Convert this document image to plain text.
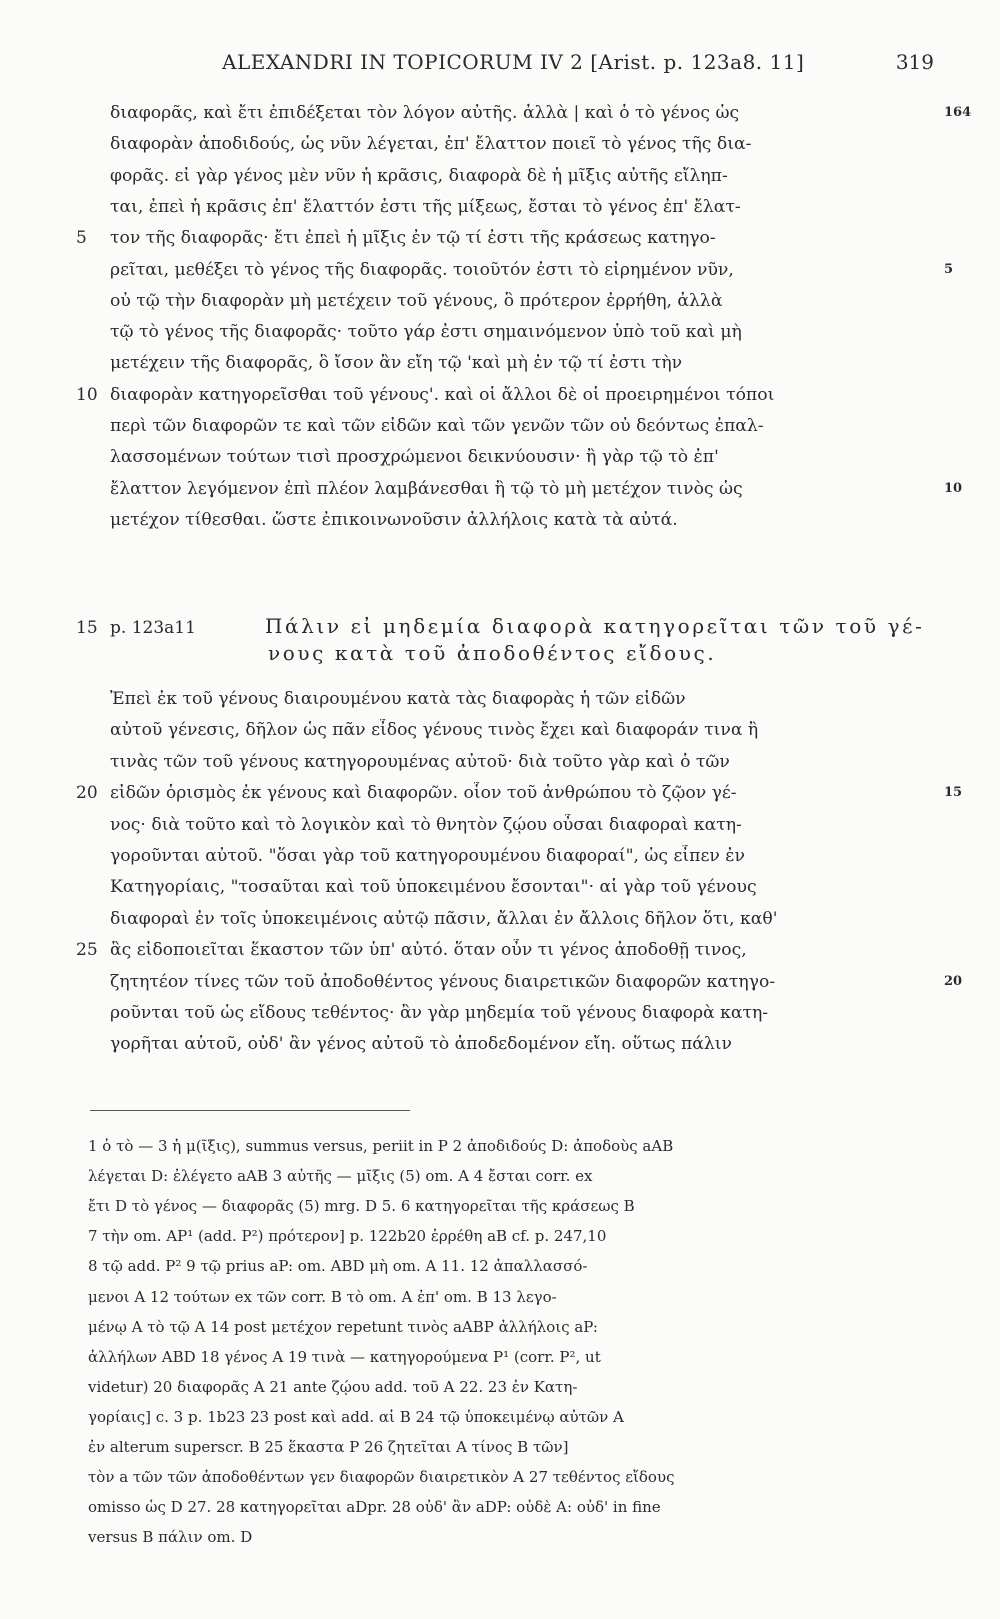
ALEXANDRI IN TOPICORUM IV 2 [Arist. p. 123a8. 11]	319
διαφορᾶς, καὶ ἔτι ἐπιδέξεται τὸν λόγον αὐτῆς. ἀλλὰ | καὶ ὁ τὸ γένος ὡς	164
διαφορὰν ἀποδιδούς, ὡς νῦν λέγεται, ἐπ' ἔλαττον ποιεῖ τὸ γένος τῆς δια-
φορᾶς. εἰ γὰρ γένος μὲν νῦν ἡ κρᾶσις, διαφορὰ δὲ ἡ μῖξις αὐτῆς εἴληπ-
ται, ἐπεὶ ἡ κρᾶσις ἐπ' ἔλαττόν ἐστι τῆς μίξεως, ἔσται τὸ γένος ἐπ' ἔλατ-
τον τῆς διαφορᾶς· ἔτι ἐπεὶ ἡ μῖξις ἐν τῷ τί ἐστι τῆς κράσεως κατηγο-
5
ρεῖται, μεθέξει τὸ γένος τῆς διαφορᾶς. τοιοῦτόν ἐστι τὸ εἰρημένον νῦν,	5
οὐ τῷ τὴν διαφορὰν μὴ μετέχειν τοῦ γένους, ὃ πρότερον ἐρρήθη, ἀλλὰ
τῷ τὸ γένος τῆς διαφορᾶς· τοῦτο γάρ ἐστι σημαινόμενον ὑπὸ τοῦ καὶ μὴ
μετέχειν τῆς διαφορᾶς, ὃ ἴσον ἂν εἴη τῷ 'καὶ μὴ ἐν τῷ τί ἐστι τὴν
διαφορὰν κατηγορεῖσθαι τοῦ γένους'. καὶ οἱ ἄλλοι δὲ οἱ προειρημένοι τόποι
10
περὶ τῶν διαφορῶν τε καὶ τῶν εἰδῶν καὶ τῶν γενῶν τῶν οὐ δεόντως ἐπαλ-
λασσομένων τούτων τισὶ προσχρώμενοι δεικνύουσιν· ἢ γὰρ τῷ τὸ ἐπ'
ἔλαττον λεγόμενον ἐπὶ πλέον λαμβάνεσθαι ἢ τῷ τὸ μὴ μετέχον τινὸς ὡς	10
μετέχον τίθεσθαι. ὥστε ἐπικοινωνοῦσιν ἀλλήλοις κατὰ τὰ αὐτά.
15 p. 123a11	Πάλιν εἰ μηδεμία διαφορὰ κατηγορεῖται τῶν τοῦ γέ-
νους κατὰ τοῦ ἀποδοθέντος εἴδους.
Ἐπεὶ ἐκ τοῦ γένους διαιρουμένου κατὰ τὰς διαφορὰς ἡ τῶν εἰδῶν
αὐτοῦ γένεσις, δῆλον ὡς πᾶν εἶδος γένους τινὸς ἔχει καὶ διαφοράν τινα ἢ
τινὰς τῶν τοῦ γένους κατηγορουμένας αὐτοῦ· διὰ τοῦτο γὰρ καὶ ὁ τῶν
εἰδῶν ὁρισμὸς ἐκ γένους καὶ διαφορῶν. οἷον τοῦ ἀνθρώπου τὸ ζῷον γέ-
20	15
νος· διὰ τοῦτο καὶ τὸ λογικὸν καὶ τὸ θνητὸν ζῴου οὖσαι διαφοραὶ κατη-
γοροῦνται αὐτοῦ. "ὅσαι γὰρ τοῦ κατηγορουμένου διαφοραί", ὡς εἶπεν ἐν
Κατηγορίαις, "τοσαῦται καὶ τοῦ ὑποκειμένου ἔσονται"· αἱ γὰρ τοῦ γένους
διαφοραὶ ἐν τοῖς ὑποκειμένοις αὐτῷ πᾶσιν, ἄλλαι ἐν ἄλλοις δῆλον ὅτι, καθ'
ἃς εἰδοποιεῖται ἕκαστον τῶν ὑπ' αὐτό. ὅταν οὖν τι γένος ἀποδοθῇ τινος,
25
ζητητέον τίνες τῶν τοῦ ἀποδοθέντος γένους διαιρετικῶν διαφορῶν κατηγο-	20
ροῦνται τοῦ ὡς εἴδους τεθέντος· ἂν γὰρ μηδεμία τοῦ γένους διαφορὰ κατη-
γορῆται αὐτοῦ, οὐδ' ἂν γένος αὐτοῦ τὸ ἀποδεδομένον εἴη. οὕτως πάλιν
1 ὁ τὸ — 3 ἡ μ(ῖξις), summus versus, periit in P 2 ἀποδιδούς D: ἀποδοὺς aAB
λέγεται D: ἐλέγετο aAB 3 αὐτῆς — μῖξις (5) om. A 4 ἔσται corr. ex
ἔτι D τὸ γένος — διαφορᾶς (5) mrg. D 5. 6 κατηγορεῖται τῆς κράσεως B
7 τὴν om. AP¹ (add. P²) πρότερον] p. 122b20 ἐρρέθη aB cf. p. 247,10
8 τῷ add. P² 9 τῷ prius aP: om. ABD μὴ om. A 11. 12 ἀπαλλασσό-
μενοι A 12 τούτων ex τῶν corr. B τὸ om. A ἐπ' om. B 13 λεγο-
μένῳ A τὸ τῷ A 14 post μετέχον repetunt τινὸς aABP ἀλλήλοις aP:
ἀλλήλων ABD 18 γένος A 19 τινὰ — κατηγορούμενα P¹ (corr. P², ut
videtur) 20 διαφορᾶς A 21 ante ζῴου add. τοῦ A 22. 23 ἐν Κατη-
γορίαις] c. 3 p. 1b23 23 post καὶ add. αἱ B 24 τῷ ὑποκειμένῳ αὐτῶν A
ἐν alterum superscr. B 25 ἕκαστα P 26 ζητεῖται A τίνος B τῶν]
τὸν a τῶν τῶν ἀποδοθέντων γεν διαφορῶν διαιρετικὸν A 27 τεθέντος εἴδους
omisso ὡς D 27. 28 κατηγορεῖται aDpr. 28 οὐδ' ἂν aDP: οὐδὲ A: οὐδ' in fine
versus B πάλιν om. D
